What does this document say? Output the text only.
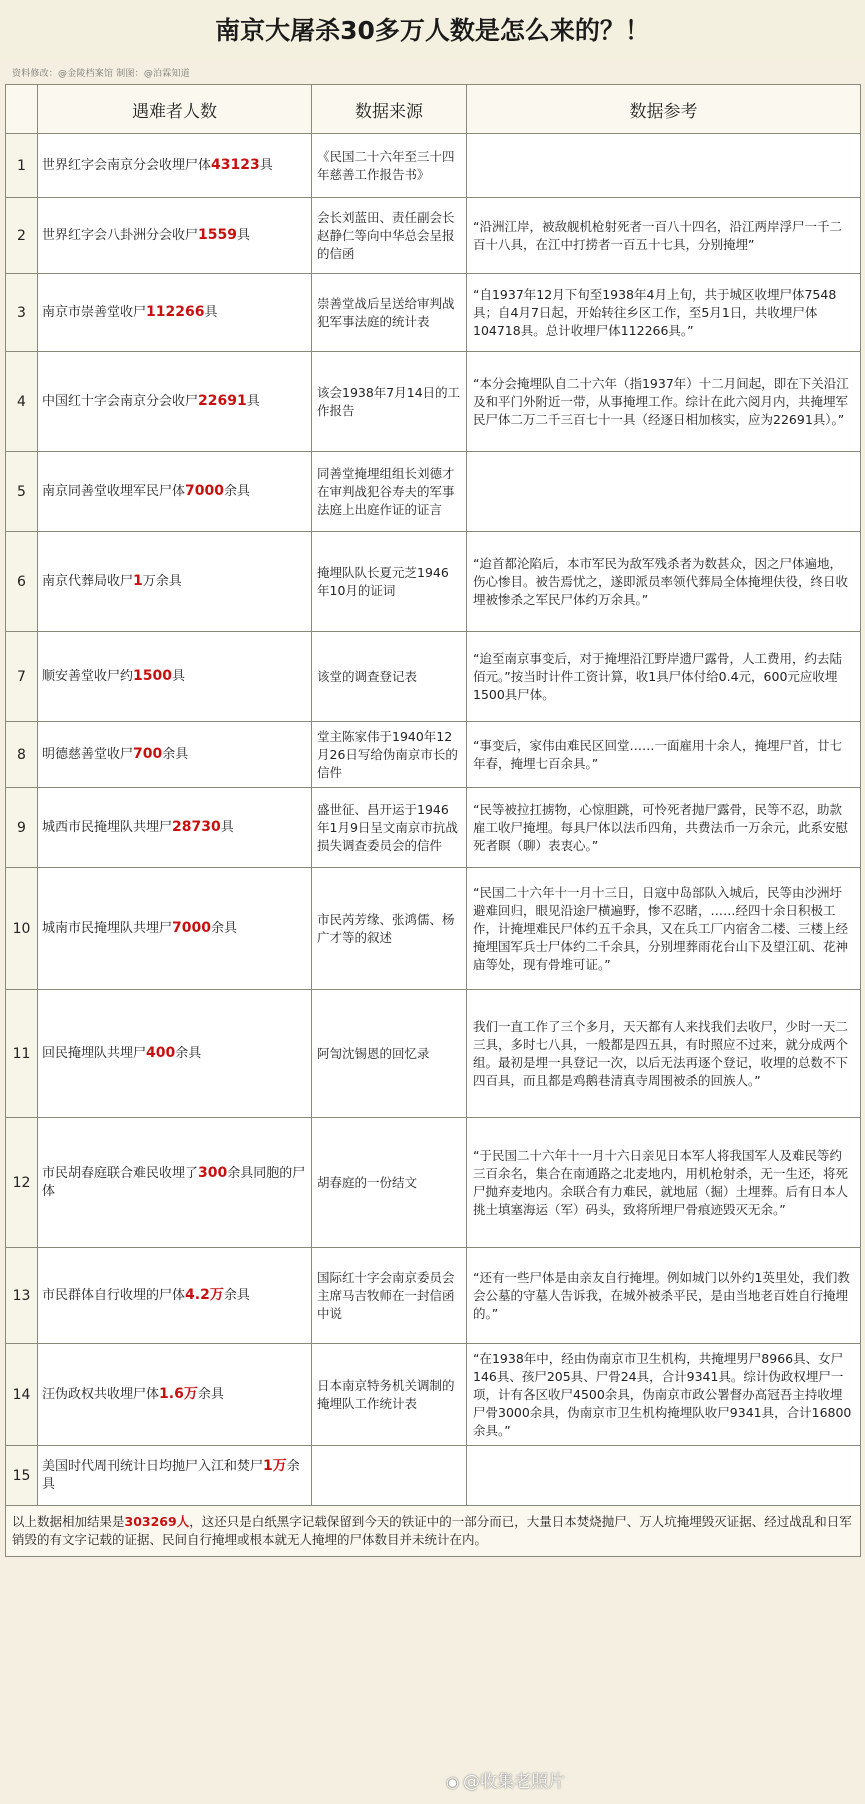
南京大屠杀30多万人数是怎么来的？！
资料修改：@金陵档案馆 制图：@泊霖知道
	遇难者人数	数据来源	数据参考
1	世界红字会南京分会收埋尸体43123具	《民国二十六年至三十四年慈善工作报告书》	
2	世界红字会八卦洲分会收尸1559具	会长刘蓝田、责任副会长赵静仁等向中华总会呈报的信函	“沿洲江岸，被敌舰机枪射死者一百八十四名，沿江两岸浮尸一千二百十八具，在江中打捞者一百五十七具，分别掩埋”
3	南京市崇善堂收尸112266具	崇善堂战后呈送给审判战犯军事法庭的统计表	“自1937年12月下旬至1938年4月上旬，共于城区收埋尸体7548具；自4月7日起，开始转往乡区工作，至5月1日，共收埋尸体104718具。总计收埋尸体112266具。”
4	中国红十字会南京分会收尸22691具	该会1938年7月14日的工作报告	“本分会掩埋队自二十六年（指1937年）十二月间起，即在下关沿江及和平门外附近一带，从事掩埋工作。综计在此六阅月内，共掩埋军民尸体二万二千三百七十一具（经逐日相加核实，应为22691具）。”
5	南京同善堂收埋军民尸体7000余具	同善堂掩埋组组长刘德才在审判战犯谷寿夫的军事法庭上出庭作证的证言	
6	南京代葬局收尸1万余具	掩埋队队长夏元芝1946年10月的证词	“迨首都沦陷后，本市军民为敌军残杀者为数甚众，因之尸体遍地，伤心惨目。被告焉忧之，遂即派员率领代葬局全体掩埋伕役，终日收埋被惨杀之军民尸体约万余具。”
7	顺安善堂收尸约1500具	该堂的调查登记表	“迨至南京事变后，对于掩埋沿江野岸遗尸露骨，人工费用，约去陆佰元。”按当时计件工资计算，收1具尸体付给0.4元，600元应收埋1500具尸体。
8	明德慈善堂收尸700余具	堂主陈家伟于1940年12月26日写给伪南京市长的信件	“事变后，家伟由难民区回堂……一面雇用十余人，掩埋尸首，廿七年春，掩埋七百余具。”
9	城西市民掩埋队共埋尸28730具	盛世征、昌开运于1946年1月9日呈文南京市抗战损失调查委员会的信件	“民等被拉扛掳物，心惊胆跳，可怜死者抛尸露骨，民等不忍，助款雇工收尸掩埋。每具尸体以法币四角，共费法币一万余元，此系安慰死者瞑（聊）表衷心。”
10	城南市民掩埋队共埋尸7000余具	市民芮芳缘、张鸿儒、杨广才等的叙述	“民国二十六年十一月十三日，日寇中岛部队入城后，民等由沙洲圩避难回归，眼见沿途尸横遍野，惨不忍睹，……经四十余日积极工作，计掩埋难民尸体约五千余具，又在兵工厂内宿舍二楼、三楼上经掩埋国军兵士尸体约二千余具，分别埋葬雨花台山下及望江矶、花神庙等处，现有骨堆可证。”
11	回民掩埋队共埋尸400余具	阿訇沈锡恩的回忆录	我们一直工作了三个多月，天天都有人来找我们去收尸，少时一天二三具，多时七八具，一般都是四五具，有时照应不过来，就分成两个组。最初是埋一具登记一次，以后无法再逐个登记，收埋的总数不下四百具，而且都是鸡鹅巷清真寺周围被杀的回族人。”
12	市民胡春庭联合难民收埋了300余具同胞的尸体	胡春庭的一份结文	“于民国二十六年十一月十六日亲见日本军人将我国军人及难民等约三百余名，集合在南通路之北麦地内，用机枪射杀，无一生还，将死尸抛弃麦地内。余联合有力难民，就地屈（掘）土埋葬。后有日本人挑土填塞海运（军）码头，致将所埋尸骨痕迹毁灭无余。”
13	市民群体自行收埋的尸体4.2万余具	国际红十字会南京委员会主席马吉牧师在一封信函中说	“还有一些尸体是由亲友自行掩埋。例如城门以外约1英里处，我们教会公墓的守墓人告诉我，在城外被杀平民，是由当地老百姓自行掩埋的。”
14	汪伪政权共收埋尸体1.6万余具	日本南京特务机关调制的掩埋队工作统计表	“在1938年中，经由伪南京市卫生机构，共掩埋男尸8966具、女尸146具、孩尸205具、尸骨24具，合计9341具。综计伪政权埋尸一项，计有各区收尸4500余具，伪南京市政公署督办高冠吾主持收埋尸骨3000余具，伪南京市卫生机构掩埋队收尸9341具，合计16800余具。”
15	美国时代周刊统计日均抛尸入江和焚尸1万余具		
以上数据相加结果是303269人，这还只是白纸黑字记载保留到今天的铁证中的一部分而已，大量日本焚烧抛尸、万人坑掩埋毁灭证据、经过战乱和日军销毁的有文字记载的证据、民间自行掩埋或根本就无人掩埋的尸体数目并未统计在内。			
◉ @收集老照片
